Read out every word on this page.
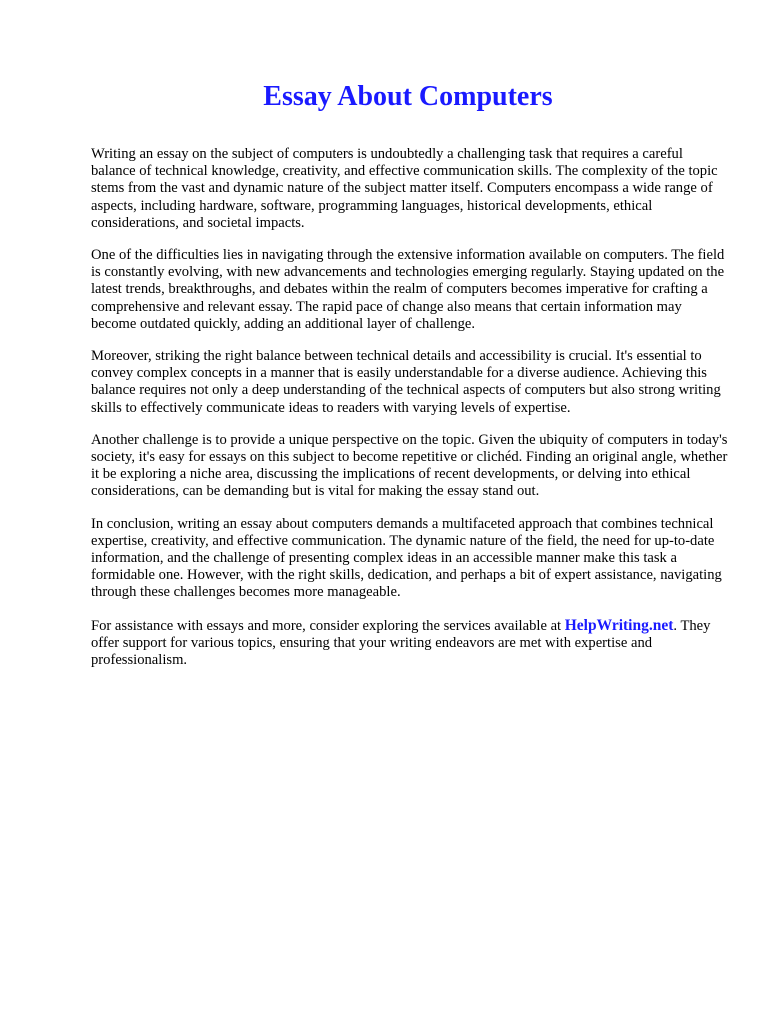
Essay About Computers

Writing an essay on the subject of computers is undoubtedly a challenging task that requires a careful balance of technical knowledge, creativity, and effective communication skills. The complexity of the topic stems from the vast and dynamic nature of the subject matter itself. Computers encompass a wide range of aspects, including hardware, software, programming languages, historical developments, ethical considerations, and societal impacts.

One of the difficulties lies in navigating through the extensive information available on computers. The field is constantly evolving, with new advancements and technologies emerging regularly. Staying updated on the latest trends, breakthroughs, and debates within the realm of computers becomes imperative for crafting a comprehensive and relevant essay. The rapid pace of change also means that certain information may become outdated quickly, adding an additional layer of challenge.

Moreover, striking the right balance between technical details and accessibility is crucial. It's essential to convey complex concepts in a manner that is easily understandable for a diverse audience. Achieving this balance requires not only a deep understanding of the technical aspects of computers but also strong writing skills to effectively communicate ideas to readers with varying levels of expertise.

Another challenge is to provide a unique perspective on the topic. Given the ubiquity of computers in today's society, it's easy for essays on this subject to become repetitive or clichéd. Finding an original angle, whether it be exploring a niche area, discussing the implications of recent developments, or delving into ethical considerations, can be demanding but is vital for making the essay stand out.

In conclusion, writing an essay about computers demands a multifaceted approach that combines technical expertise, creativity, and effective communication. The dynamic nature of the field, the need for up-to-date information, and the challenge of presenting complex ideas in an accessible manner make this task a formidable one. However, with the right skills, dedication, and perhaps a bit of expert assistance, navigating through these challenges becomes more manageable.

For assistance with essays and more, consider exploring the services available at HelpWriting.net. They offer support for various topics, ensuring that your writing endeavors are met with expertise and professionalism.
